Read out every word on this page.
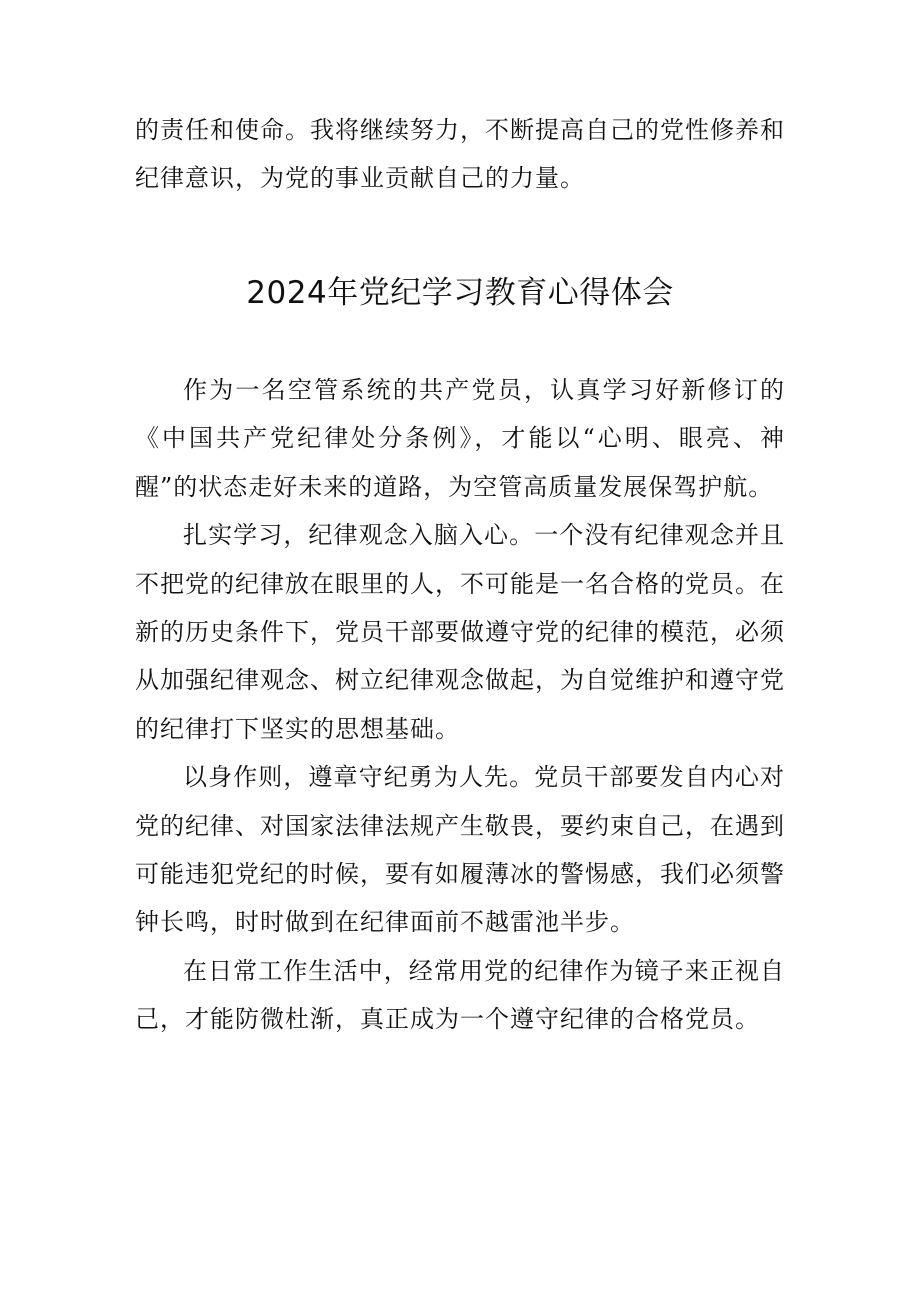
的责任和使命。我将继续努力，不断提高自己的党性修养和纪律意识，为党的事业贡献自己的力量。

2024年党纪学习教育心得体会

作为一名空管系统的共产党员，认真学习好新修订的《中国共产党纪律处分条例》，才能以“心明、眼亮、神醒”的状态走好未来的道路，为空管高质量发展保驾护航。

扎实学习，纪律观念入脑入心。一个没有纪律观念并且不把党的纪律放在眼里的人，不可能是一名合格的党员。在新的历史条件下，党员干部要做遵守党的纪律的模范，必须从加强纪律观念、树立纪律观念做起，为自觉维护和遵守党的纪律打下坚实的思想基础。

以身作则，遵章守纪勇为人先。党员干部要发自内心对党的纪律、对国家法律法规产生敬畏，要约束自己，在遇到可能违犯党纪的时候，要有如履薄冰的警惕感，我们必须警钟长鸣，时时做到在纪律面前不越雷池半步。

在日常工作生活中，经常用党的纪律作为镜子来正视自己，才能防微杜渐，真正成为一个遵守纪律的合格党员。
